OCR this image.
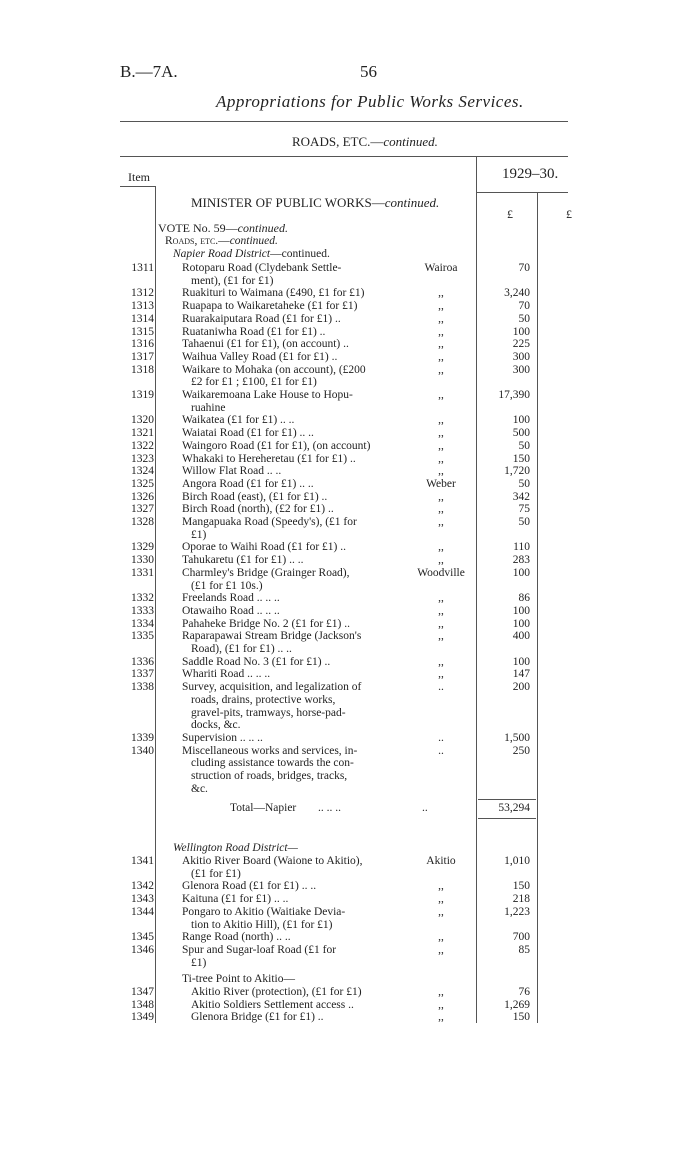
B.—7A.	56
Appropriations for Public Works Services.
ROADS, ETC.—continued.
Item	1929–30.
£	£
MINISTER OF PUBLIC WORKS—continued.
VOTE No. 59—continued.
Roads, etc.—continued.
Napier Road District—continued.
1311 Rotoparu Road (Clydebank Settle-
ment), (£1 for £1)
Wairoa	70
1312 Ruakituri to Waimana (£490, £1 for £1)	,,	3,240
1313 Ruapapa to Waikaretaheke (£1 for £1)	,,	70
1314 Ruarakaiputara Road (£1 for £1) ..	,,	50
1315 Ruataniwha Road (£1 for £1) ..	,,	100
1316 Tahaenui (£1 for £1), (on account) ..	,,	225
1317 Waihua Valley Road (£1 for £1) ..	,,	300
1318 Waikare to Mohaka (on account), (£200
£2 for £1 ; £100, £1 for £1)
,,	300
1319 Waikaremoana Lake House to Hopu-
ruahine
,,	17,390
1320 Waikatea (£1 for £1) .. ..	,,	100
1321 Waiatai Road (£1 for £1) .. ..	,,	500
1322 Waingoro Road (£1 for £1), (on account)	,,	50
1323 Whakaki to Hereheretau (£1 for £1) ..	,,	150
1324 Willow Flat Road .. ..	,,	1,720
1325 Angora Road (£1 for £1) .. ..	Weber	50
1326 Birch Road (east), (£1 for £1) ..	,,	342
1327 Birch Road (north), (£2 for £1) ..	,,	75
1328 Mangapuaka Road (Speedy's), (£1 for
£1)
,,	50
1329 Oporae to Waihi Road (£1 for £1) ..	,,	110
1330 Tahukaretu (£1 for £1) .. ..	,,	283
1331 Charmley's Bridge (Grainger Road),
(£1 for £1 10s.)
Woodville	100
1332 Freelands Road .. .. ..	,,	86
1333 Otawaiho Road .. .. ..	,,	100
1334 Pahaheke Bridge No. 2 (£1 for £1) ..	,,	100
1335 Raparapawai Stream Bridge (Jackson's
Road), (£1 for £1) .. ..
,,	400
1336 Saddle Road No. 3 (£1 for £1) ..	,,	100
1337 Whariti Road .. .. ..	,,	147
1338 Survey, acquisition, and legalization of
roads, drains, protective works,
gravel-pits, tramways, horse-pad-
docks, &c.
..	200
1339 Supervision .. .. ..	..	1,500
1340 Miscellaneous works and services, in-
cluding assistance towards the con-
struction of roads, bridges, tracks,
&c.
..	250
Total—Napier .. .. ..	..	53,294
Wellington Road District—
1341 Akitio River Board (Waione to Akitio),
(£1 for £1)
Akitio	1,010
1342 Glenora Road (£1 for £1) .. ..	,,	150
1343 Kaituna (£1 for £1) .. ..	,,	218
1344 Pongaro to Akitio (Waitiake Devia-
tion to Akitio Hill), (£1 for £1)
,,	1,223
1345 Range Road (north) .. ..	,,	700
1346 Spur and Sugar-loaf Road (£1 for
£1)
,,	85
Ti-tree Point to Akitio—
1347	Akitio River (protection), (£1 for £1)	,,	76
1348	Akitio Soldiers Settlement access ..	,,	1,269
1349	Glenora Bridge (£1 for £1) ..	,,	150
